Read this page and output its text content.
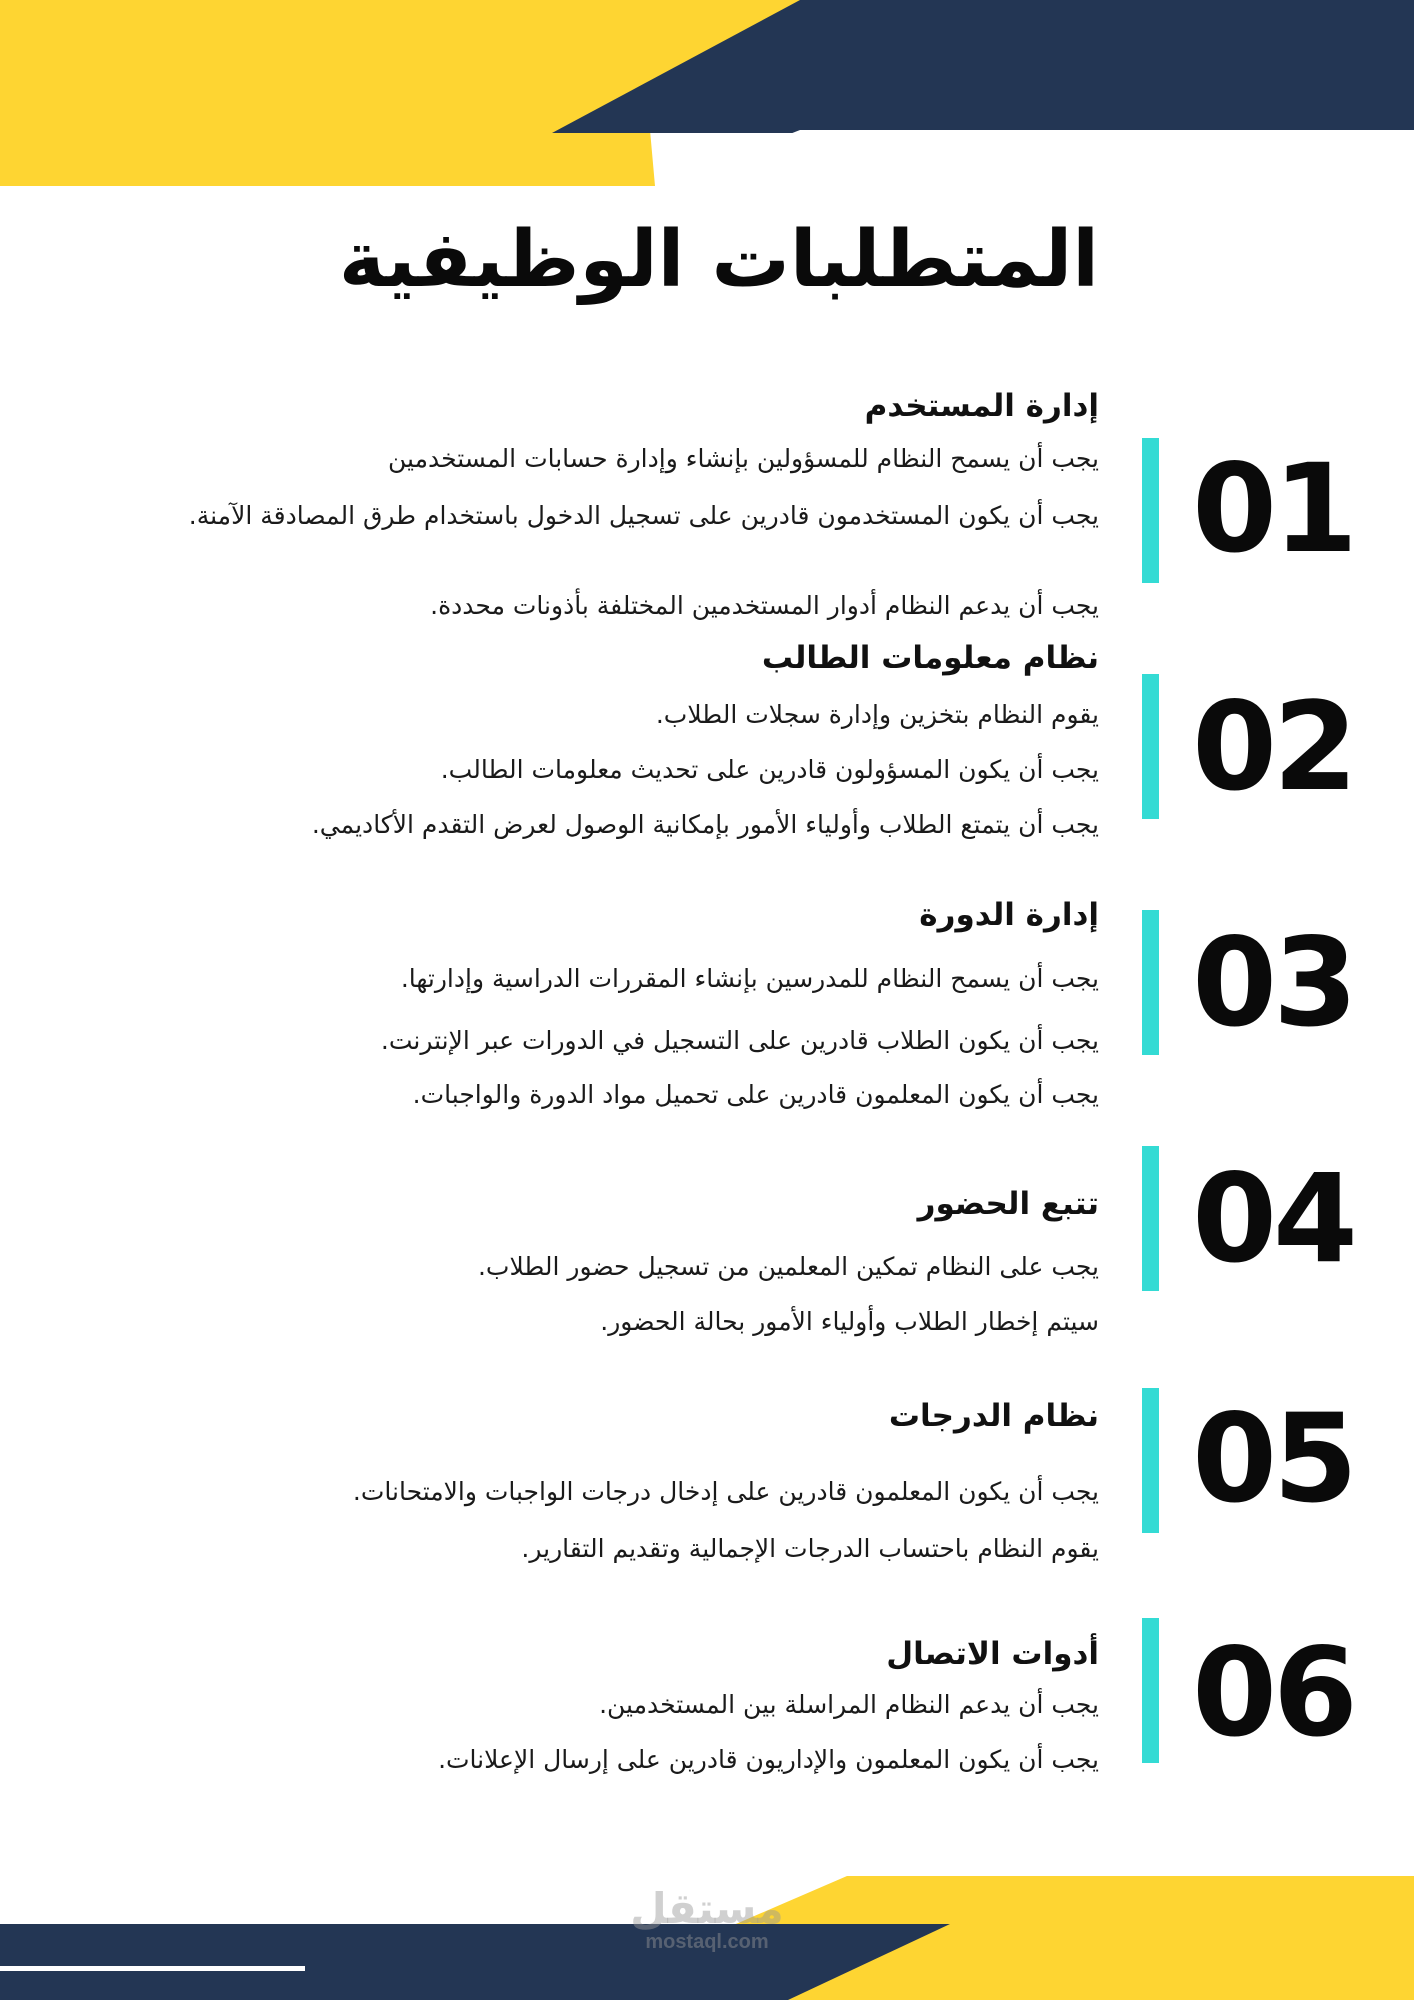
المتطلبات الوظيفية
01
إدارة المستخدم

يجب أن يسمح النظام للمسؤولين بإنشاء وإدارة حسابات المستخدمين

يجب أن يكون المستخدمون قادرين على تسجيل الدخول باستخدام طرق المصادقة الآمنة.

يجب أن يدعم النظام أدوار المستخدمين المختلفة بأذونات محددة.

02
نظام معلومات الطالب

يقوم النظام بتخزين وإدارة سجلات الطلاب.

يجب أن يكون المسؤولون قادرين على تحديث معلومات الطالب.

يجب أن يتمتع الطلاب وأولياء الأمور بإمكانية الوصول لعرض التقدم الأكاديمي.

03
إدارة الدورة

يجب أن يسمح النظام للمدرسين بإنشاء المقررات الدراسية وإدارتها.

يجب أن يكون الطلاب قادرين على التسجيل في الدورات عبر الإنترنت.

يجب أن يكون المعلمون قادرين على تحميل مواد الدورة والواجبات.

04
تتبع الحضور

يجب على النظام تمكين المعلمين من تسجيل حضور الطلاب.

سيتم إخطار الطلاب وأولياء الأمور بحالة الحضور.

05
نظام الدرجات

يجب أن يكون المعلمون قادرين على إدخال درجات الواجبات والامتحانات.

يقوم النظام باحتساب الدرجات الإجمالية وتقديم التقارير.

06
أدوات الاتصال

يجب أن يدعم النظام المراسلة بين المستخدمين.

يجب أن يكون المعلمون والإداريون قادرين على إرسال الإعلانات.

مستقل
mostaql.com
